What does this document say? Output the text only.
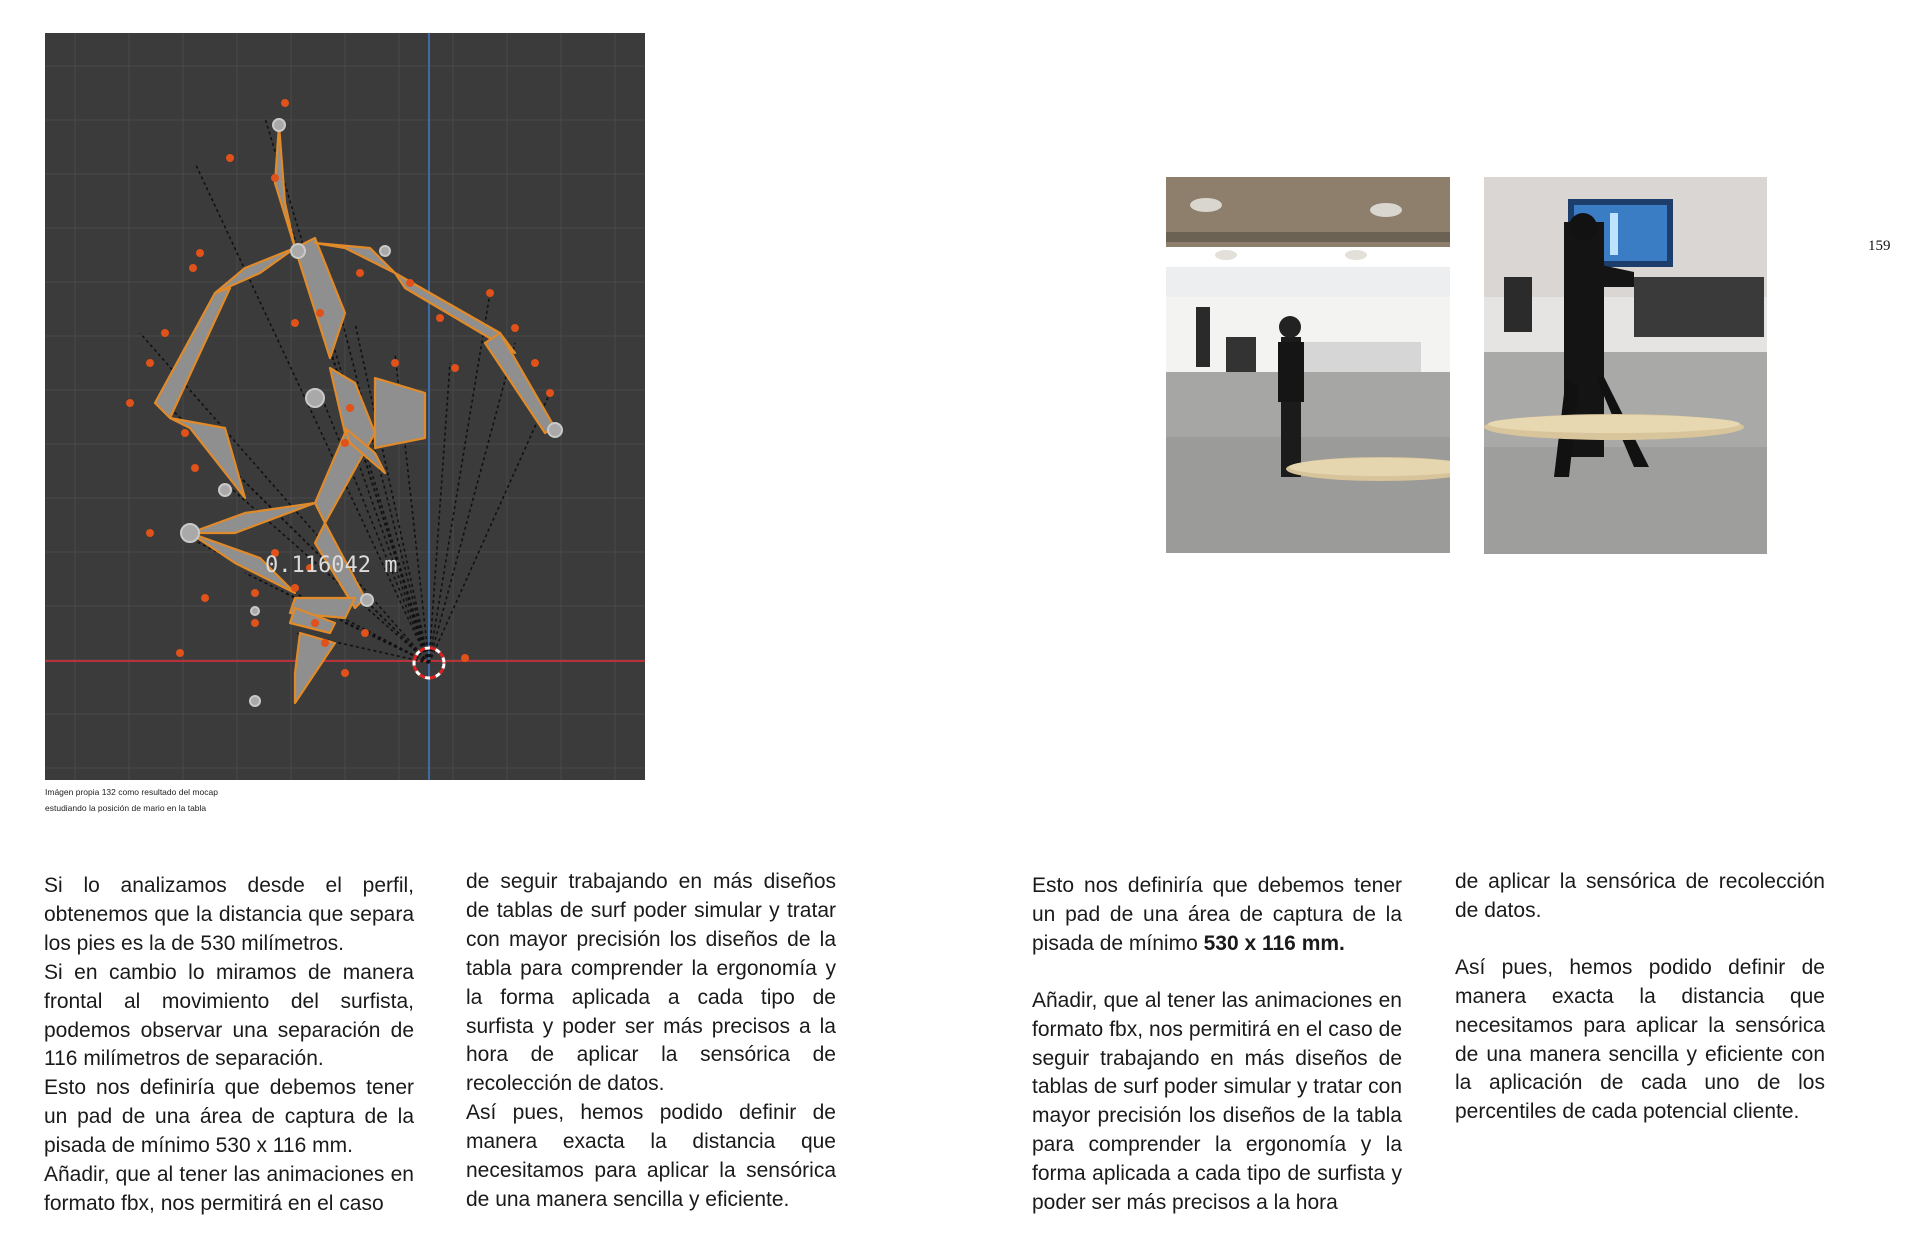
0.116042 m
Imágen propia 132 como resultado del mocap
estudiando la posición de mario en la tabla

Si lo analizamos desde el perfil, obtenemos que la distancia que separa los pies es la de 530 milímetros.

Si en cambio lo miramos de manera frontal al movimiento del surfista, podemos observar una separación de 116 milímetros de separación.

Esto nos definiría que debemos tener un pad de una área de captura de la pisada de mínimo 530 x 116 mm.

Añadir, que al tener las animaciones en formato fbx, nos permitirá en el caso

de seguir trabajando en más diseños de tablas de surf poder simular y tratar con mayor precisión los diseños de la tabla para comprender la ergonomía y la forma aplicada a cada tipo de surfista y poder ser más precisos a la hora de aplicar la sensórica de recolección de datos.

Así pues, hemos podido definir de manera exacta la distancia que necesitamos para aplicar la sensórica de una manera sencilla y eficiente.

159

Esto nos definiría que debemos tener un pad de una área de captura de la pisada de mínimo 530 x 116 mm.

Añadir, que al tener las animaciones en formato fbx, nos permitirá en el caso de seguir trabajando en más diseños de tablas de surf poder simular y tratar con mayor precisión los diseños de la tabla para comprender la ergonomía y la forma aplicada a cada tipo de surfista y poder ser más precisos a la hora

de aplicar la sensórica de recolección de datos.

Así pues, hemos podido definir de manera exacta la distancia que necesitamos para aplicar la sensórica de una manera sencilla y eficiente con la aplicación de cada uno de los percentiles de cada potencial cliente.
